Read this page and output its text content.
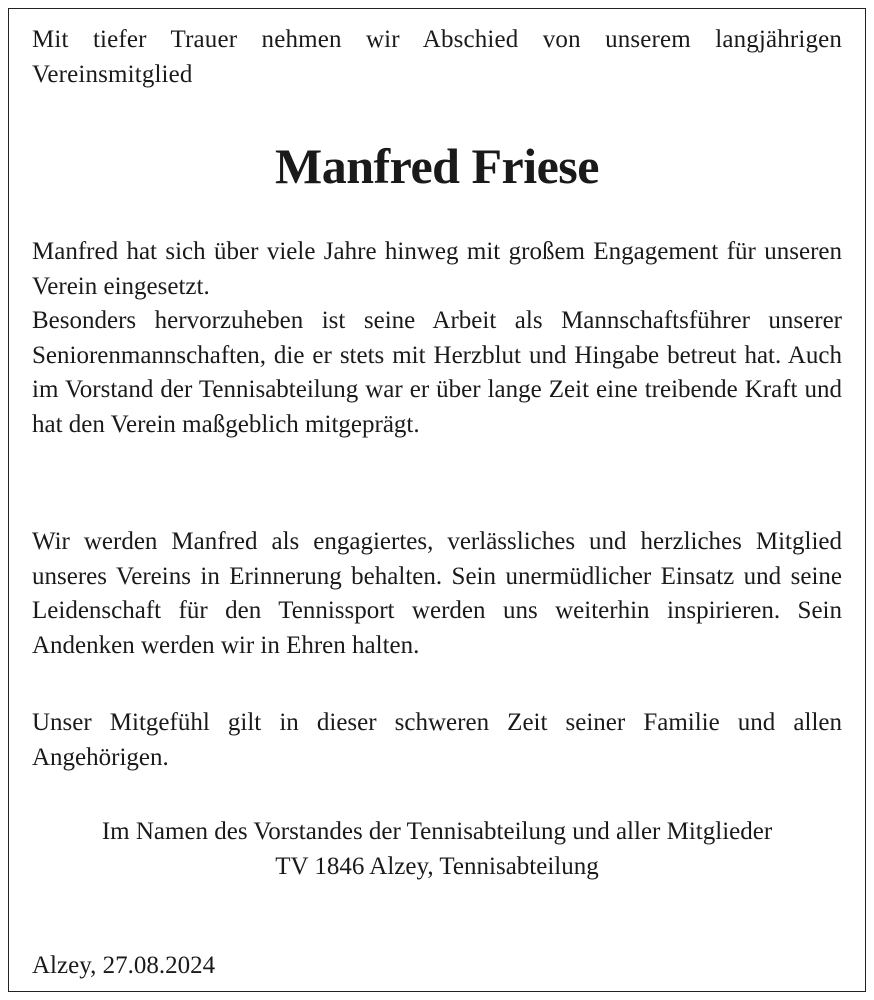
Mit tiefer Trauer nehmen wir Abschied von unserem langjährigen Vereinsmitglied
Manfred hat sich über viele Jahre hinweg mit großem Engagement für unseren Verein eingesetzt.
Besonders hervorzuheben ist seine Arbeit als Mannschaftsführer unserer Seniorenmannschaften, die er stets mit Herzblut und Hingabe betreut hat. Auch im Vorstand der Tennisabteilung war er über lange Zeit eine treibende Kraft und hat den Verein maßgeblich mitgeprägt.
Wir werden Manfred als engagiertes, verlässliches und herzliches Mitglied unseres Vereins in Erinnerung behalten. Sein unermüdlicher Einsatz und seine Leidenschaft für den Tennissport werden uns weiterhin inspirieren. Sein Andenken werden wir in Ehren halten.
Unser Mitgefühl gilt in dieser schweren Zeit seiner Familie und allen Angehörigen.
Im Namen des Vorstandes der Tennisabteilung und aller Mitglieder
TV 1846 Alzey, Tennisabteilung
Alzey, 27.08.2024
Manfred Friese
